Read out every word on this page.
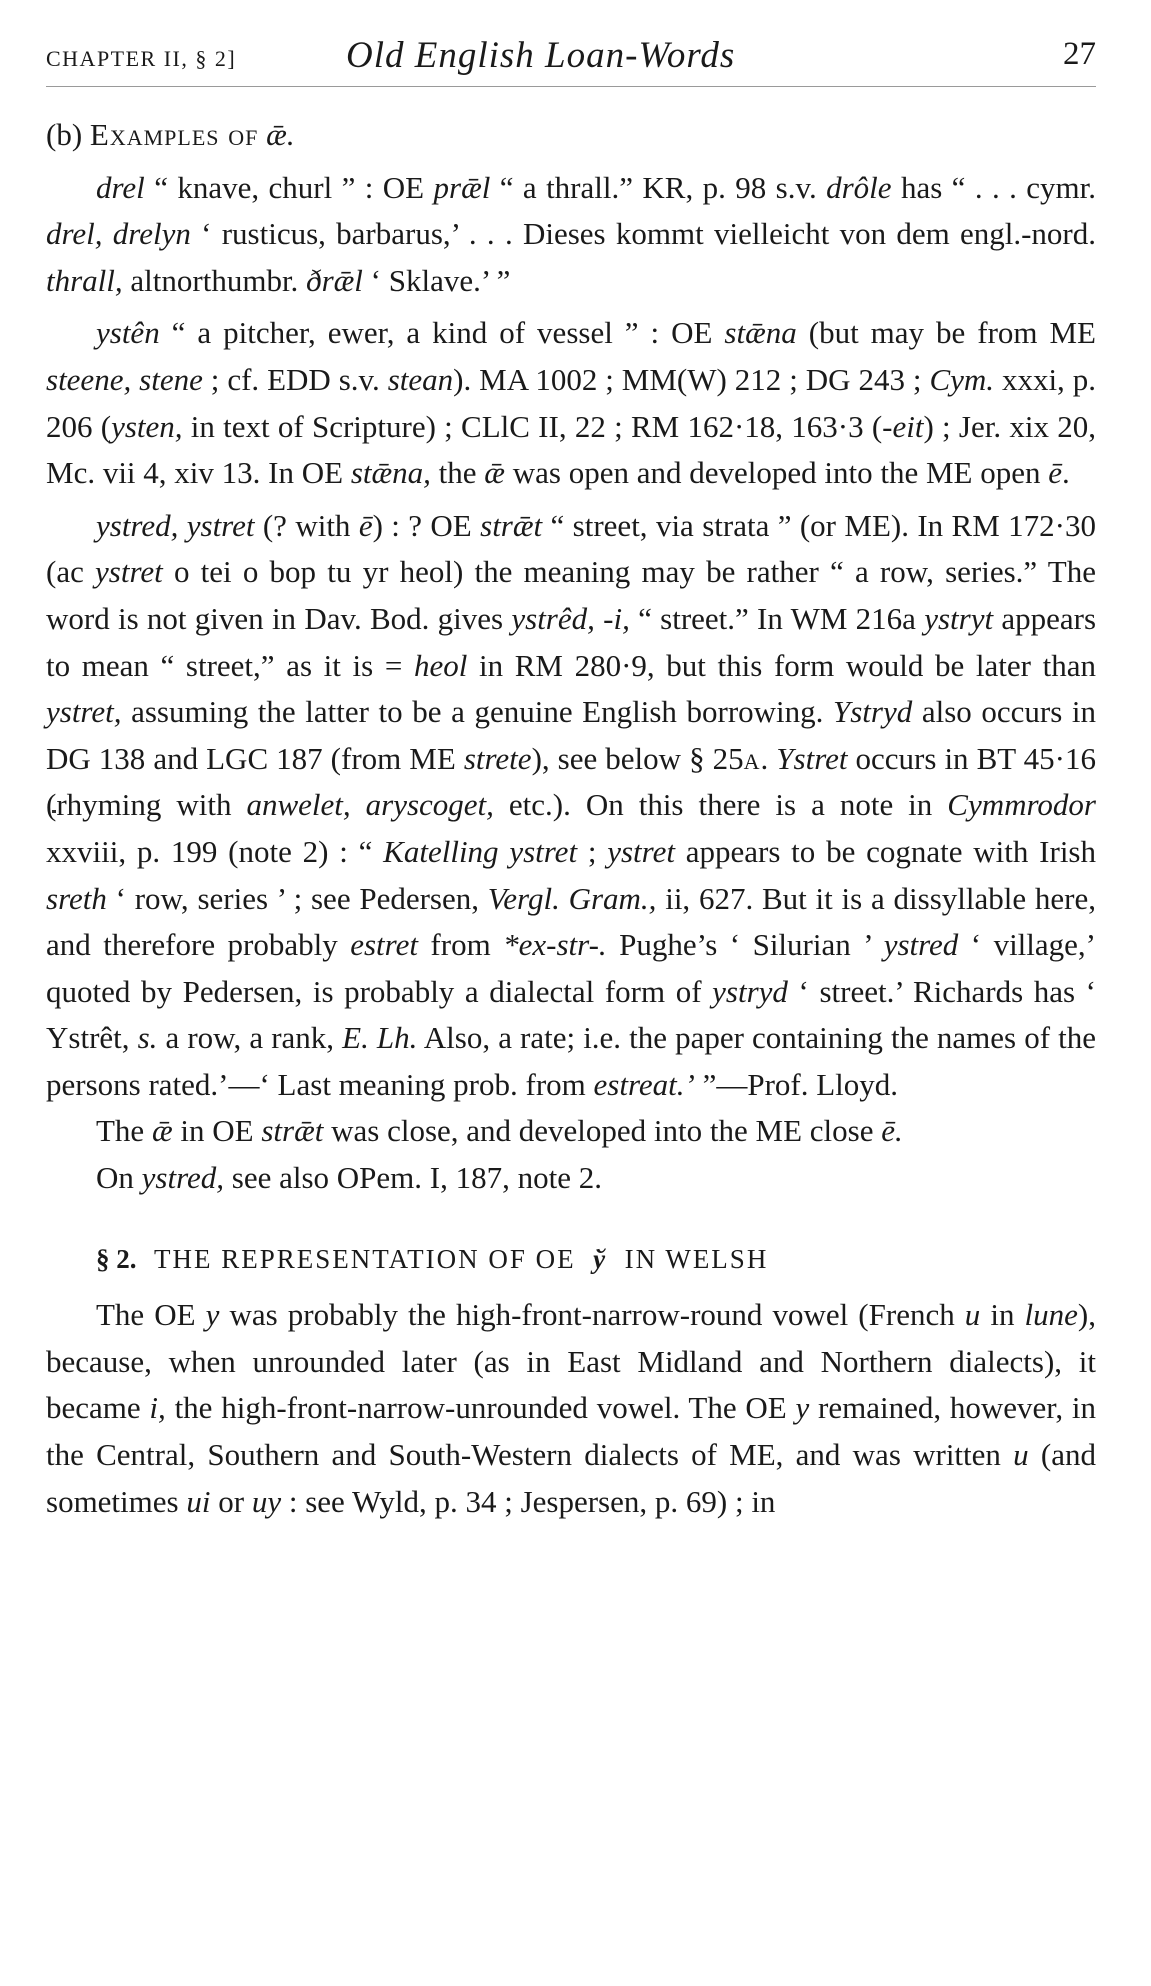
CHAPTER II, § 2]	Old English Loan-Words	27

(b) Examples of ǣ.

drel “ knave, churl ” : OE prǣl “ a thrall.” KR, p. 98 s.v. drôle has “ . . . cymr. drel, drelyn ‘ rusticus, barbarus,’ . . . Dieses kommt vielleicht von dem engl.-nord. thrall, altnorthumbr. ðrǣl ‘ Sklave.’ ”

ystên “ a pitcher, ewer, a kind of vessel ” : OE stǣna (but may be from ME steene, stene ; cf. EDD s.v. stean). MA 1002 ; MM(W) 212 ; DG 243 ; Cym. xxxi, p. 206 (ysten, in text of Scripture) ; CLlC II, 22 ; RM 162·18, 163·3 (-eit) ; Jer. xix 20, Mc. vii 4, xiv 13. In OE stǣna, the ǣ was open and developed into the ME open ē.

ystred, ystret (? with ē) : ? OE strǣt “ street, via strata ” (or ME). In RM 172·30 (ac ystret o tei o bop tu yr heol) the meaning may be rather “ a row, series.” The word is not given in Dav. Bod. gives ystrêd, -i, “ street.” In WM 216a ystryt appears to mean “ street,” as it is = heol in RM 280·9, but this form would be later than ystret, assuming the latter to be a genuine English borrowing. Ystryd also occurs in DG 138 and LGC 187 (from ME strete), see below § 25a. Ystret occurs in BT 45·16 (rhyming with anwelet, aryscoget, etc.). On this there is a note in Cymmrodor xxviii, p. 199 (note 2) : “ Katelling ystret ; ystret appears to be cognate with Irish sreth ‘ row, series ’ ; see Pedersen, Vergl. Gram., ii, 627. But it is a dissyllable here, and therefore probably estret from *ex-str-. Pughe’s ‘ Silurian ’ ystred ‘ village,’ quoted by Pedersen, is probably a dialectal form of ystryd ‘ street.’ Richards has ‘ Ystrêt, s. a row, a rank, E. Lh. Also, a rate; i.e. the paper containing the names of the persons rated.’—‘ Last meaning prob. from estreat.’ ”—Prof. Lloyd.

The ǣ in OE strǣt was close, and developed into the ME close ē.

On ystred, see also OPem. I, 187, note 2.

§ 2. THE REPRESENTATION OF OE ў IN WELSH

The OE y was probably the high-front-narrow-round vowel (French u in lune), because, when unrounded later (as in East Midland and Northern dialects), it became i, the high-front-narrow-unrounded vowel. The OE y remained, however, in the Central, Southern and South-Western dialects of ME, and was written u (and sometimes ui or uy : see Wyld, p. 34 ; Jespersen, p. 69) ; in
